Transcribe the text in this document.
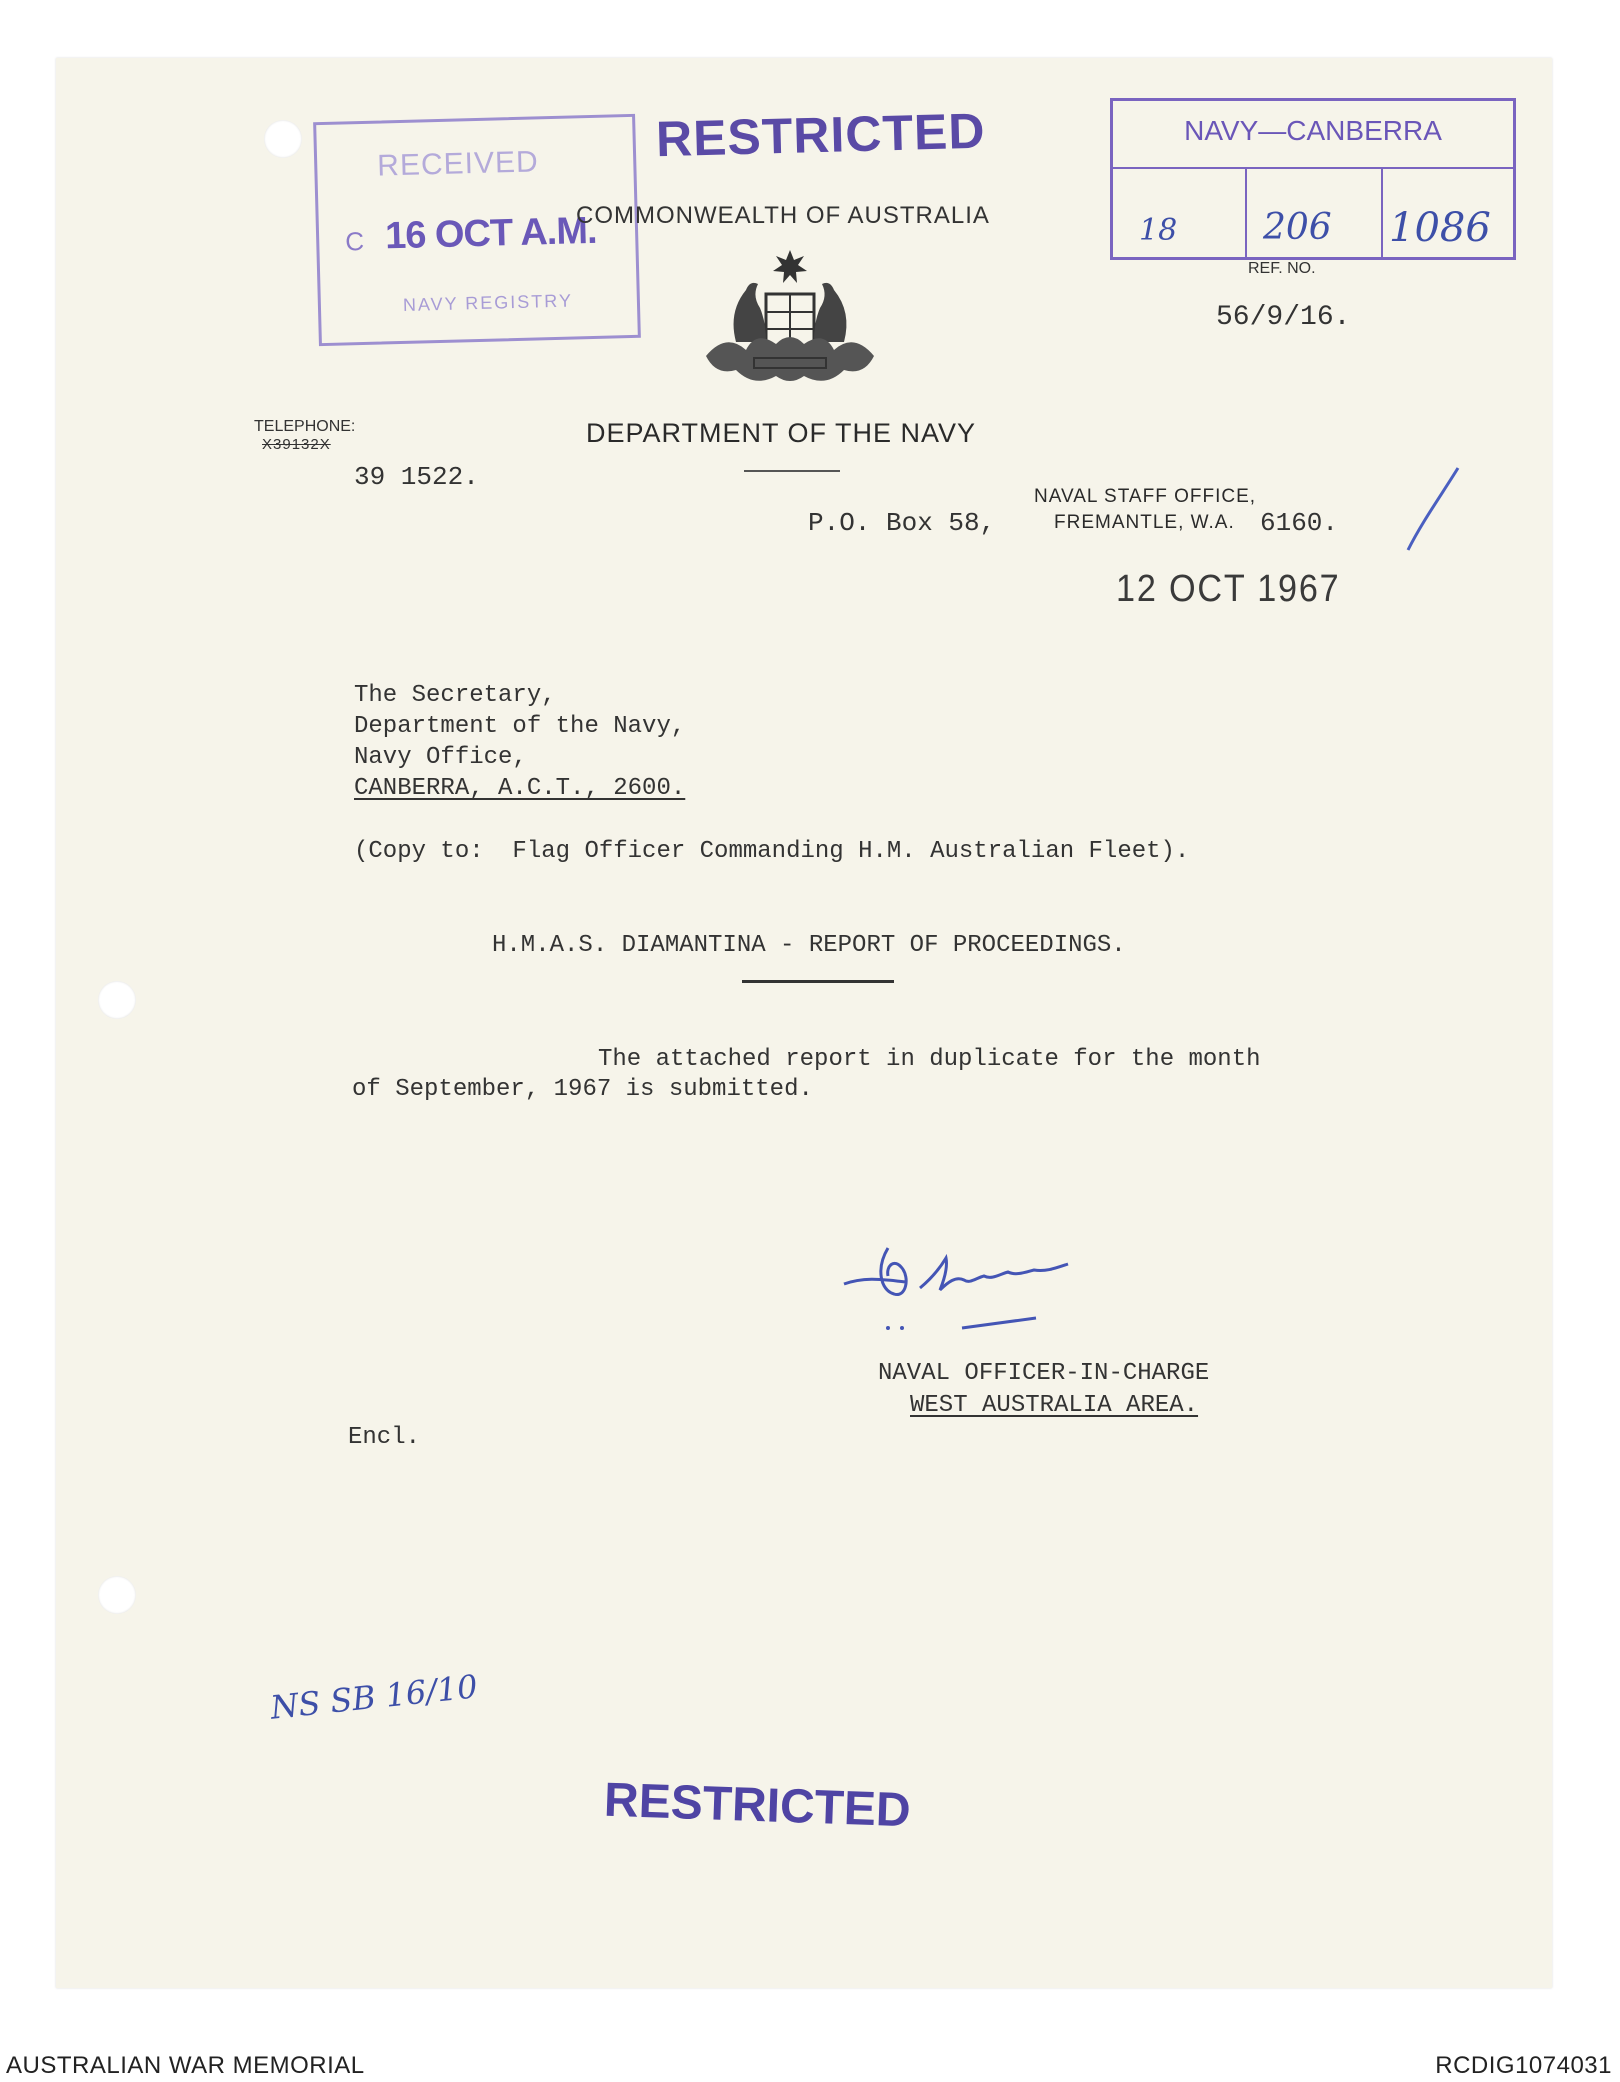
RECEIVED
C 16 OCT A.M.
NAVY REGISTRY
RESTRICTED
COMMONWEALTH OF AUSTRALIA
NAVY—CANBERRA
18 206 1086
REF. NO.
56/9/16.
TELEPHONE:
X39132X
39 1522.
DEPARTMENT OF THE NAVY
P.O. Box 58,
NAVAL STAFF OFFICE,
FREMANTLE, W.A. 6160.
12 OCT 1967
The Secretary,
Department of the Navy,
Navy Office,
CANBERRA, A.C.T., 2600.
(Copy to:  Flag Officer Commanding H.M. Australian Fleet).
H.M.A.S. DIAMANTINA - REPORT OF PROCEEDINGS.
The attached report in duplicate for the month
of September, 1967 is submitted.
NAVAL OFFICER-IN-CHARGE
WEST AUSTRALIA AREA.
Encl.
NS SB 16/10
RESTRICTED
AUSTRALIAN WAR MEMORIAL	RCDIG1074031
